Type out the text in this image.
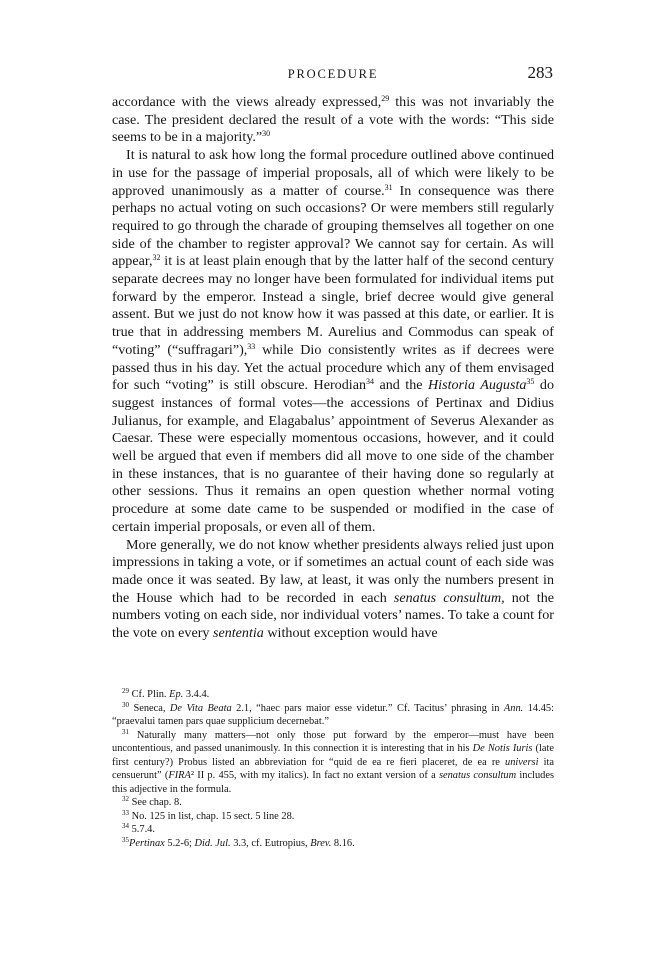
PROCEDURE	283

accordance with the views already expressed,$^{29}$ this was not invariably the case. The president declared the result of a vote with the words: “This side seems to be in a majority.”$^{30}$

It is natural to ask how long the formal procedure outlined above continued in use for the passage of imperial proposals, all of which were likely to be approved unanimously as a matter of course.$^{31}$ In consequence was there perhaps no actual voting on such occasions? Or were members still regularly required to go through the charade of grouping themselves all together on one side of the chamber to register approval? We cannot say for certain. As will appear,$^{32}$ it is at least plain enough that by the latter half of the second century separate decrees may no longer have been formulated for individual items put forward by the emperor. Instead a single, brief decree would give general assent. But we just do not know how it was passed at this date, or earlier. It is true that in addressing members M. Aurelius and Commodus can speak of “voting” (“suffragari”),$^{33}$ while Dio consistently writes as if decrees were passed thus in his day. Yet the actual procedure which any of them envisaged for such “voting” is still obscure. Herodian$^{34}$ and the Historia Augusta$^{35}$ do suggest instances of formal votes—the accessions of Pertinax and Didius Julianus, for example, and Elagabalus’ appointment of Severus Alexander as Caesar. These were especially momentous occasions, however, and it could well be argued that even if members did all move to one side of the chamber in these instances, that is no guarantee of their having done so regularly at other sessions. Thus it remains an open question whether normal voting procedure at some date came to be suspended or modified in the case of certain imperial proposals, or even all of them.

More generally, we do not know whether presidents always relied just upon impressions in taking a vote, or if sometimes an actual count of each side was made once it was seated. By law, at least, it was only the numbers present in the House which had to be recorded in each senatus consultum, not the numbers voting on each side, nor individual voters’ names. To take a count for the vote on every sententia without exception would have

$^{29}$ Cf. Plin. Ep. 3.4.4.

$^{30}$ Seneca, De Vita Beata 2.1, “haec pars maior esse videtur.” Cf. Tacitus’ phrasing in Ann. 14.45: “praevalui tamen pars quae supplicium decernebat.”

$^{31}$ Naturally many matters—not only those put forward by the emperor—must have been uncontentious, and passed unanimously. In this connection it is interesting that in his De Notis Iuris (late first century?) Probus listed an abbreviation for “quid de ea re fieri placeret, de ea re universi ita censuerunt” (FIRA² II p. 455, with my italics). In fact no extant version of a senatus consultum includes this adjective in the formula.

$^{32}$ See chap. 8.

$^{33}$ No. 125 in list, chap. 15 sect. 5 line 28.

$^{34}$ 5.7.4.

$^{35}$Pertinax 5.2-6; Did. Jul. 3.3, cf. Eutropius, Brev. 8.16.
